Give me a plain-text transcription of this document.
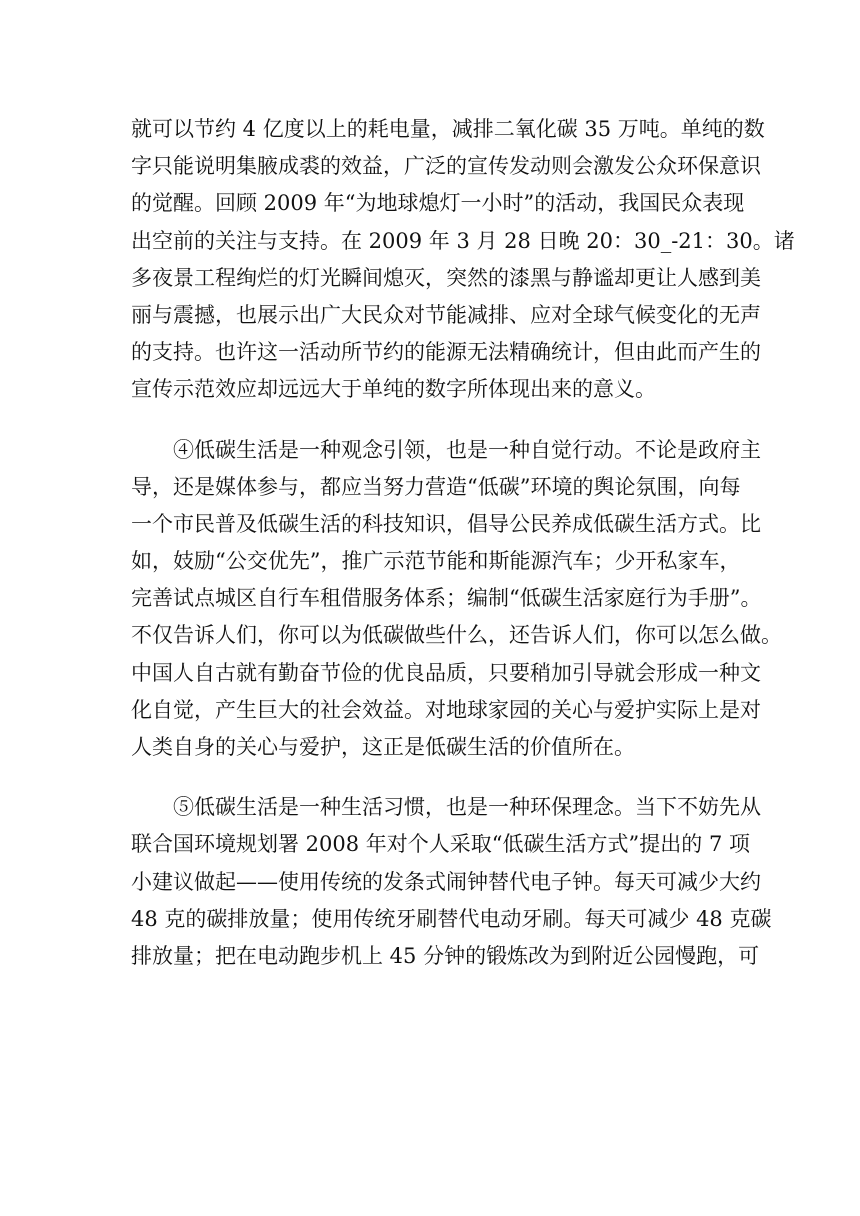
就可以节约 4 亿度以上的耗电量，减排二氧化碳 35 万吨。单纯的数
字只能说明集腋成裘的效益，广泛的宣传发动则会激发公众环保意识
的觉醒。回顾 2009 年“为地球熄灯一小时”的活动，我国民众表现
出空前的关注与支持。在 2009 年 3 月 28 日晚 20：30_-21：30。诸
多夜景工程绚烂的灯光瞬间熄灭，突然的漆黑与静谧却更让人感到美
丽与震撼，也展示出广大民众对节能减排、应对全球气候变化的无声
的支持。也许这一活动所节约的能源无法精确统计，但由此而产生的
宣传示范效应却远远大于单纯的数字所体现出来的意义。
④低碳生活是一种观念引领，也是一种自觉行动。不论是政府主
导，还是媒体参与，都应当努力营造“低碳”环境的舆论氛围，向每
一个市民普及低碳生活的科技知识，倡导公民养成低碳生活方式。比
如，妓励“公交优先”，推广示范节能和斯能源汽车；少开私家车，
完善试点城区自行车租借服务体系；编制“低碳生活家庭行为手册”。
不仅告诉人们，你可以为低碳做些什么，还告诉人们，你可以怎么做。
中国人自古就有勤奋节俭的优良品质，只要稍加引导就会形成一种文
化自觉，产生巨大的社会效益。对地球家园的关心与爱护实际上是对
人类自身的关心与爱护，这正是低碳生活的价值所在。
⑤低碳生活是一种生活习惯，也是一种环保理念。当下不妨先从
联合国环境规划署 2008 年对个人采取“低碳生活方式”提出的 7 项
小建议做起——使用传统的发条式闹钟替代电子钟。每天可减少大约
48 克的碳排放量；使用传统牙刷替代电动牙刷。每天可减少 48 克碳
排放量；把在电动跑步机上 45 分钟的锻炼改为到附近公园慢跑，可
